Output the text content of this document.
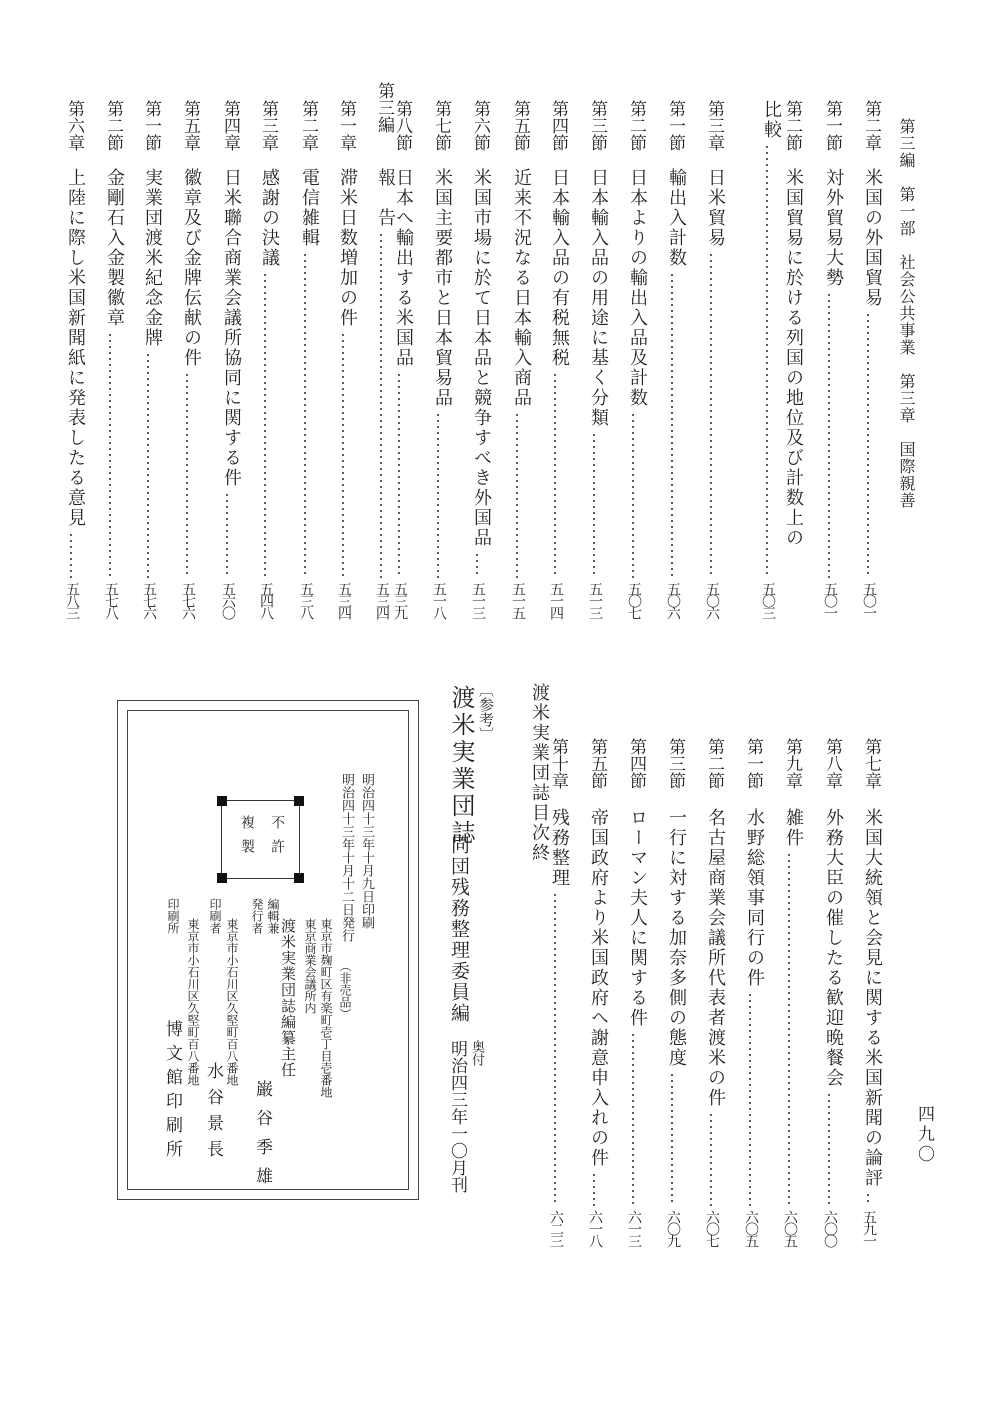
第三編　第一部　社会公共事業　第三章　国際親善
四九〇
第二章
米国の外国貿易
五〇一
第一節
対外貿易大勢
五〇一
第二節
米国貿易に於ける列国の地位及び計数上の
比較
五〇三
第三章
日米貿易
五〇六
第一節
輸出入計数
五〇六
第二節
日本よりの輸出入品及計数
五〇七
第三節
日本輸入品の用途に基く分類
五一三
第四節
日本輸入品の有税無税
五一四
第五節
近来不況なる日本輸入商品
五一五
第六節
米国市場に於て日本品と競争すべき外国品
五一三
第七節
米国主要都市と日本貿易品
五一八
第八節
日本へ輸出する米国品
五三九
第三編
報　告
五三四
第一章
滞米日数増加の件
五三四
第二章
電信雑輯
五三八
第三章
感謝の決議
五四八
第四章
日米聯合商業会議所協同に関する件
五六〇
第五章
徽章及び金牌伝献の件
五七六
第一節
実業団渡米紀念金牌
五七六
第二節
金剛石入金製徽章
五七八
第六章
上陸に際し米国新聞紙に発表したる意見
五八三
第七章
米国大統領と会見に関する米国新聞の論評
五九一
第八章
外務大臣の催したる歓迎晩餐会
六〇〇
第九章
雑件
六〇五
第一節
水野総領事同行の件
六〇五
第二節
名古屋商業会議所代表者渡米の件
六〇七
第三節
一行に対する加奈多側の態度
六〇九
第四節
ローマン夫人に関する件
六一三
第五節
帝国政府より米国政府へ謝意申入れの件
六一八
第十章
残務整理
六二三
渡米実業団誌目次終
〔参考〕
渡米実業団誌
同団残務整理委員編
奥付
明治四三年一〇月刊
不許
複製	明治四十三年十月九日印刷
明治四十三年十月十二日発行
（非売品）
東京市麹町区有楽町壱丁目壱番地
東京商業会議所内
渡米実業団誌編纂主任
編輯兼
発行者
巌谷季雄
東京市小石川区久堅町百八番地
印刷者
水谷景長
東京市小石川区久堅町百八番地
印刷所
博文館印刷所
